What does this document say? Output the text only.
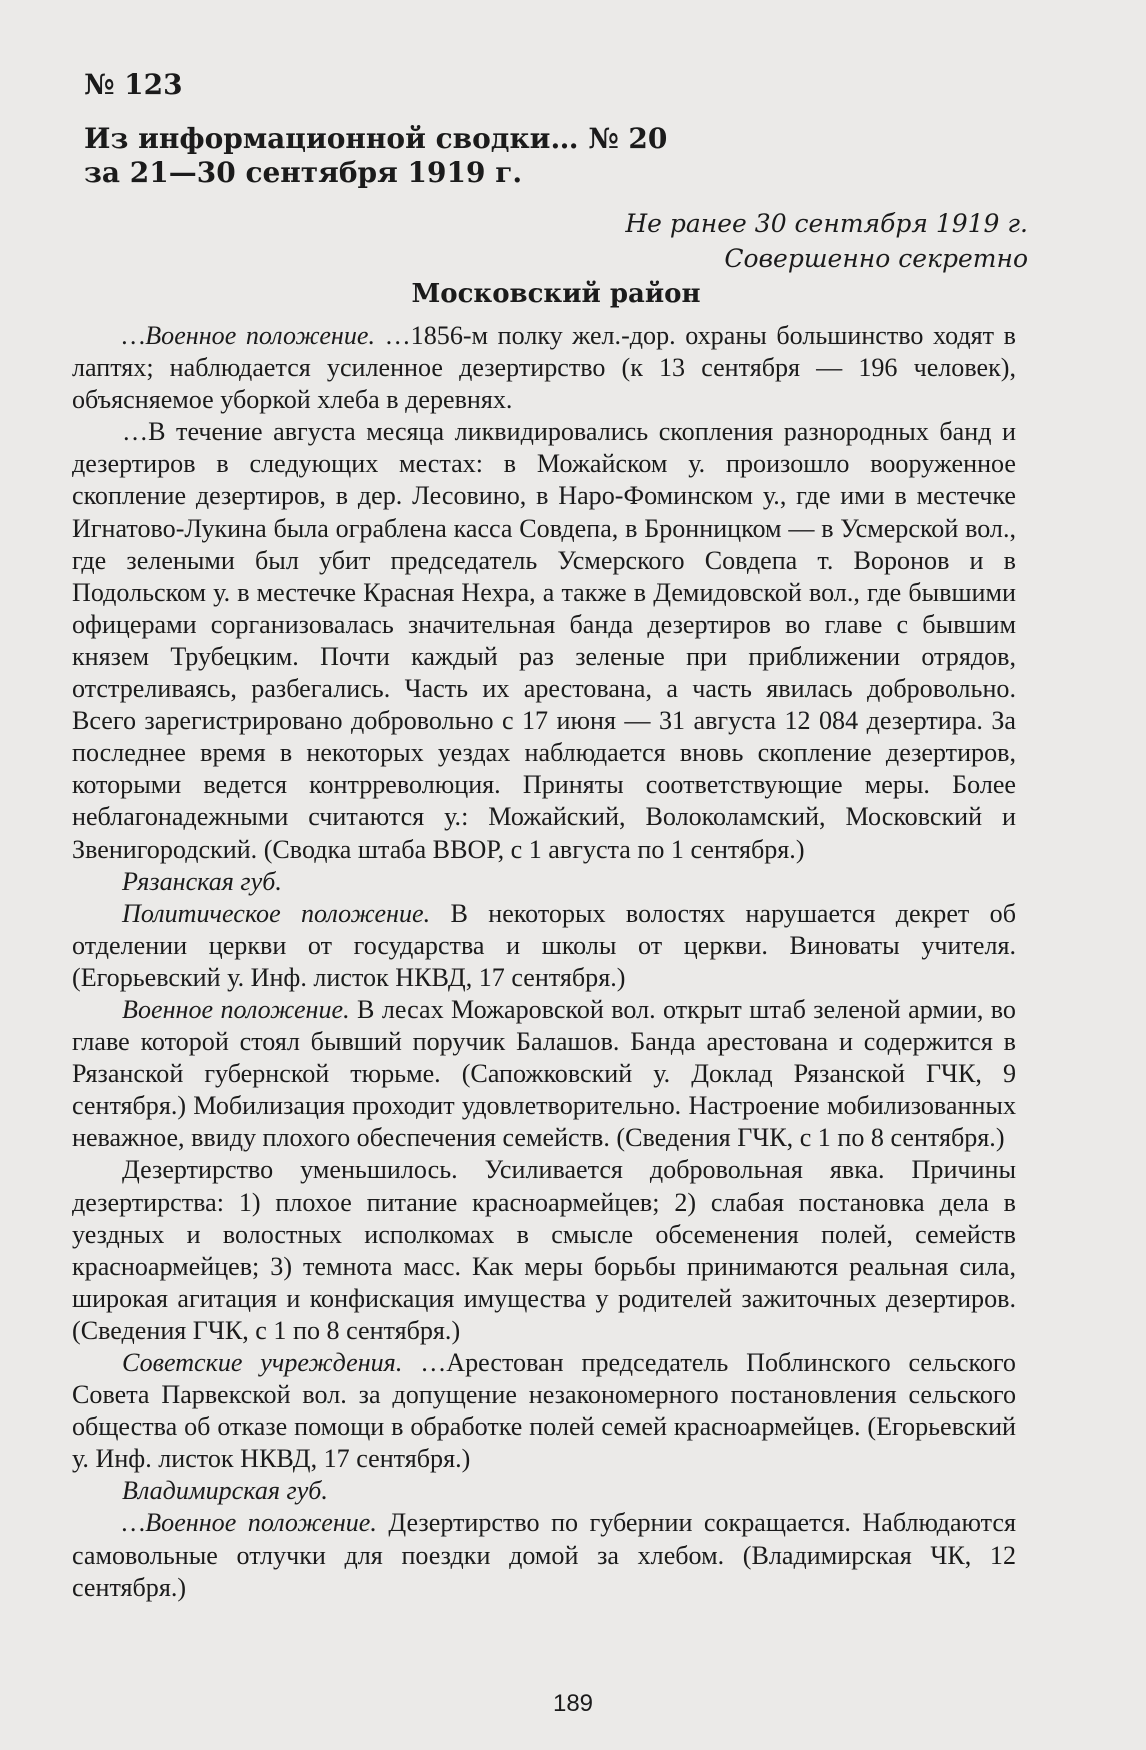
№ 123

Из информационной сводки… № 20
за 21—30 сентября 1919 г.

Не ранее 30 сентября 1919 г.

Совершенно секретно

Московский район

…Военное положение. …1856-м полку жел.-дор. охраны большинство ходят в лаптях; наблюдается усиленное дезертирство (к 13 сентября — 196 человек), объясняемое уборкой хлеба в деревнях.

…В течение августа месяца ликвидировались скопления разнородных банд и дезертиров в следующих местах: в Можайском у. произошло вооруженное скопление дезертиров, в дер. Лесовино, в Наро-Фоминском у., где ими в местечке Игнатово-Лукина была ограблена касса Совдепа, в Бронницком — в Усмерской вол., где зелеными был убит председатель Усмерского Совдепа т. Воронов и в Подольском у. в местечке Красная Нехра, а также в Демидовской вол., где бывшими офицерами сорганизовалась значительная банда дезертиров во главе с бывшим князем Трубецким. Почти каждый раз зеленые при приближении отрядов, отстреливаясь, разбегались. Часть их арестована, а часть явилась добровольно. Всего зарегистрировано добровольно с 17 июня — 31 августа 12 084 дезертира. За последнее время в некоторых уездах наблюдается вновь скопление дезертиров, которыми ведется контрреволюция. Приняты соответствующие меры. Более неблагонадежными считаются у.: Можайский, Волоколамский, Московский и Звенигородский. (Сводка штаба ВВОР, с 1 августа по 1 сентября.)

Рязанская губ.

Политическое положение. В некоторых волостях нарушается декрет об отделении церкви от государства и школы от церкви. Виноваты учителя. (Егорьевский у. Инф. листок НКВД, 17 сентября.)

Военное положение. В лесах Можаровской вол. открыт штаб зеленой армии, во главе которой стоял бывший поручик Балашов. Банда арестована и содержится в Рязанской губернской тюрьме. (Сапожковский у. Доклад Рязанской ГЧК, 9 сентября.) Мобилизация проходит удовлетворительно. Настроение мобилизованных неважное, ввиду плохого обеспечения семейств. (Сведения ГЧК, с 1 по 8 сентября.)

Дезертирство уменьшилось. Усиливается добровольная явка. Причины дезертирства: 1) плохое питание красноармейцев; 2) слабая постановка дела в уездных и волостных исполкомах в смысле обсеменения полей, семейств красноармейцев; 3) темнота масс. Как меры борьбы принимаются реальная сила, широкая агитация и конфискация имущества у родителей зажиточных дезертиров. (Сведения ГЧК, с 1 по 8 сентября.)

Советские учреждения. …Арестован председатель Поблинского сельского Совета Парвекской вол. за допущение незакономерного постановления сельского общества об отказе помощи в обработке полей семей красноармейцев. (Егорьевский у. Инф. листок НКВД, 17 сентября.)

Владимирская губ.

…Военное положение. Дезертирство по губернии сокращается. Наблюдаются самовольные отлучки для поездки домой за хлебом. (Владимирская ЧК, 12 сентября.)

189
